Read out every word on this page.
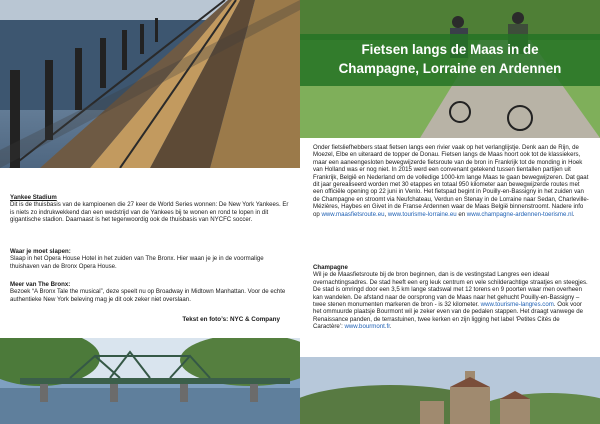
Yankee Stadium
Dit is de thuisbasis van de kampioenen die 27 keer de World Series wonnen: De New York Yankees. Er is niets zo indrukwekkend dan een wedstrijd van de Yankees bij te wonen en rond te lopen in dit gigantische stadion. Daarnaast is het tegenwoordig ook de thuisbasis van NYCFC soccer.
Waar je moet slapen:
Slaap in het Opera House Hotel in het zuiden van The Bronx. Hier waan je je in de voormalige thuishaven van de Bronx Opera House.
Meer van The Bronx:
Bezoek “A Bronx Tale the musical”, deze speelt nu op Broadway in Midtown Manhattan. Voor de echte authentieke New York beleving mag je dit ook zeker niet overslaan.
Tekst en foto’s: NYC & Company
Fietsen langs de Maas in de
Champagne, Lorraine en Ardennen
Onder fietsliefhebbers staat fietsen langs een rivier vaak op het verlanglijstje. Denk aan de Rijn, de Moezel, Elbe en uiteraard de topper de Donau. Fietsen langs de Maas hoort ook tot de klassiekers, maar een aaneengesloten bewegwijzerde fietsroute van de bron in Frankrijk tot de monding in Hoek van Holland was er nog niet. In 2015 werd een convenant getekend tussen tientallen partijen uit Frankrijk, België en Nederland om de volledige 1000-km lange Maas te gaan bewegwijzeren. Dat gaat dit jaar gerealiseerd worden met 30 etappes en totaal 950 kilometer aan bewegwijzerde routes met een officiële opening op 22 juni in Venlo. Het fietspad begint in Pouilly-en-Bassigny in het zuiden van de Champagne en stroomt via Neufchateau, Verdun en Stenay in de Lorraine naar Sedan, Charleville-Mézières, Haybes en Givet in de Franse Ardennen waar de Maas België binnenstroomt. Nadere info op www.maasfietsroute.eu, www.tourisme-lorraine.eu en www.champagne-ardennen-toerisme.nl.
Champagne
Wil je de Maasfietsroute bij de bron beginnen, dan is de vestingstad Langres een ideaal overnachtingsadres. De stad heeft een erg leuk centrum en vele schilderachtige straatjes en steegjes. De stad is omringd door een 3,5 km lange stadswal met 12 torens en 9 poorten waar men overheen kan wandelen. De afstand naar de oorsprong van de Maas naar het gehucht Pouilly-en-Bassigny – twee stenen monumenten markeren de bron - is 32 kilometer. www.tourisme-langres.com. Ook voor het ommuurde plaatsje Bourmont wil je zeker even van de pedalen stappen. Het draagt vanwege de Renaissance panden, de terrastuinen, twee kerken en zijn ligging het label ‘Petites Cités de Caractère’: www.bourmont.fr.
